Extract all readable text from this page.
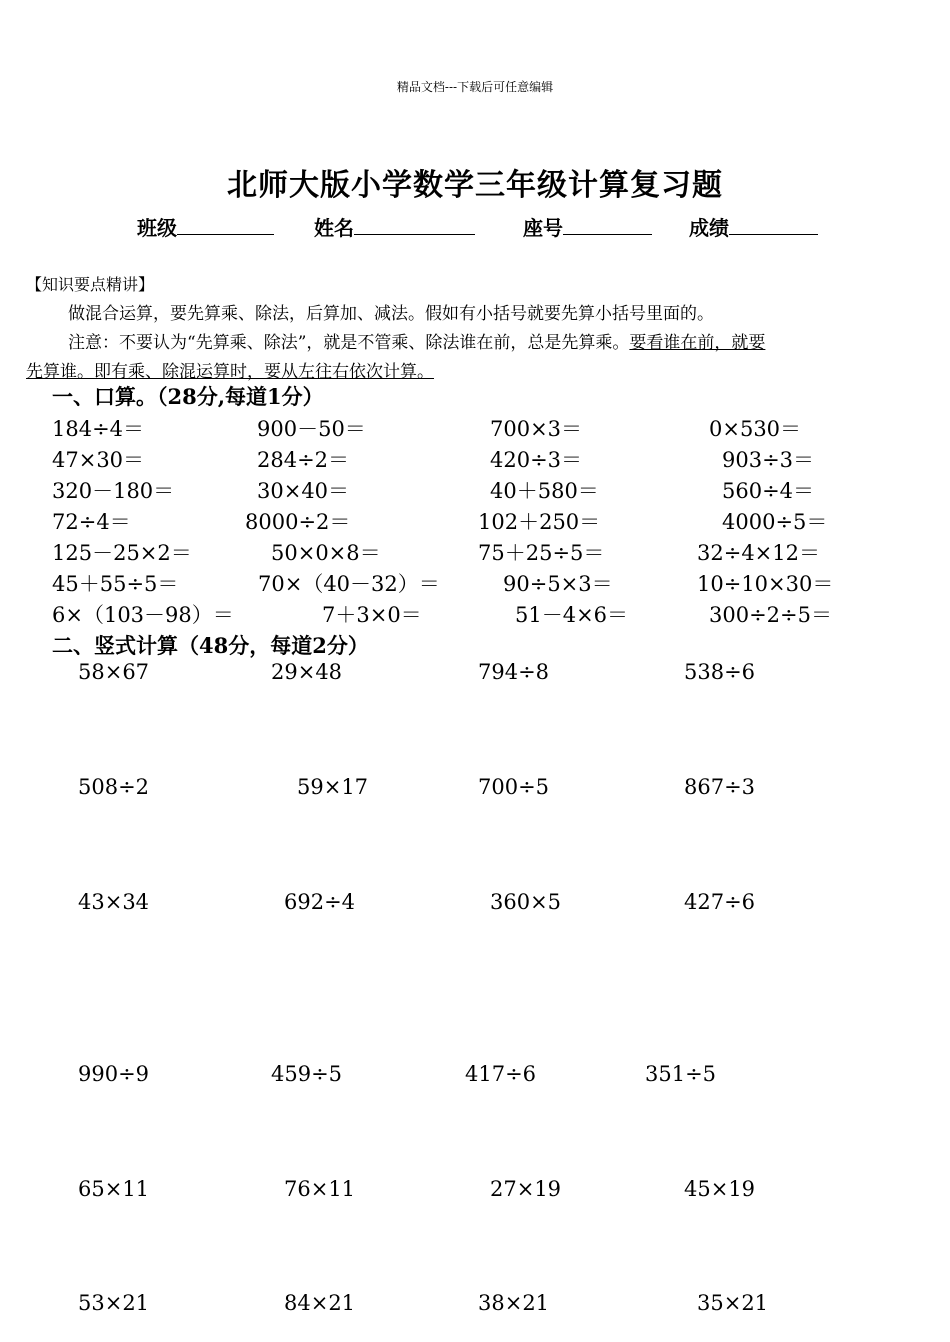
精品文档---下载后可任意编辑
北师大版小学数学三年级计算复习题
班级	姓名	座号	成绩
【知识要点精讲】
做混合运算，要先算乘、除法，后算加、减法。假如有小括号就要先算小括号里面的。
注意：不要认为“先算乘、除法”，就是不管乘、除法谁在前，总是先算乘。要看谁在前，就要
先算谁。即有乘、除混运算时，要从左往右依次计算。
一、口算。（28分,每道1分）
184÷4＝	900－50＝	700×3＝	0×530＝
47×30＝	284÷2＝	420÷3＝	903÷3＝
320－180＝	30×40＝	40＋580＝	560÷4＝
72÷4＝	8000÷2＝	102＋250＝	4000÷5＝
125－25×2＝	50×0×8＝	75＋25÷5＝	32÷4×12＝
45＋55÷5＝	70×（40－32）＝	90÷5×3＝	10÷10×30＝
6×（103－98）＝	7＋3×0＝	51－4×6＝	300÷2÷5＝
二、竖式计算（48分，每道2分）
58×67	29×48	794÷8	538÷6
508÷2	59×17	700÷5	867÷3
43×34	692÷4	360×5	427÷6
990÷9	459÷5	417÷6	351÷5
65×11	76×11	27×19	45×19
53×21	84×21	38×21	35×21
